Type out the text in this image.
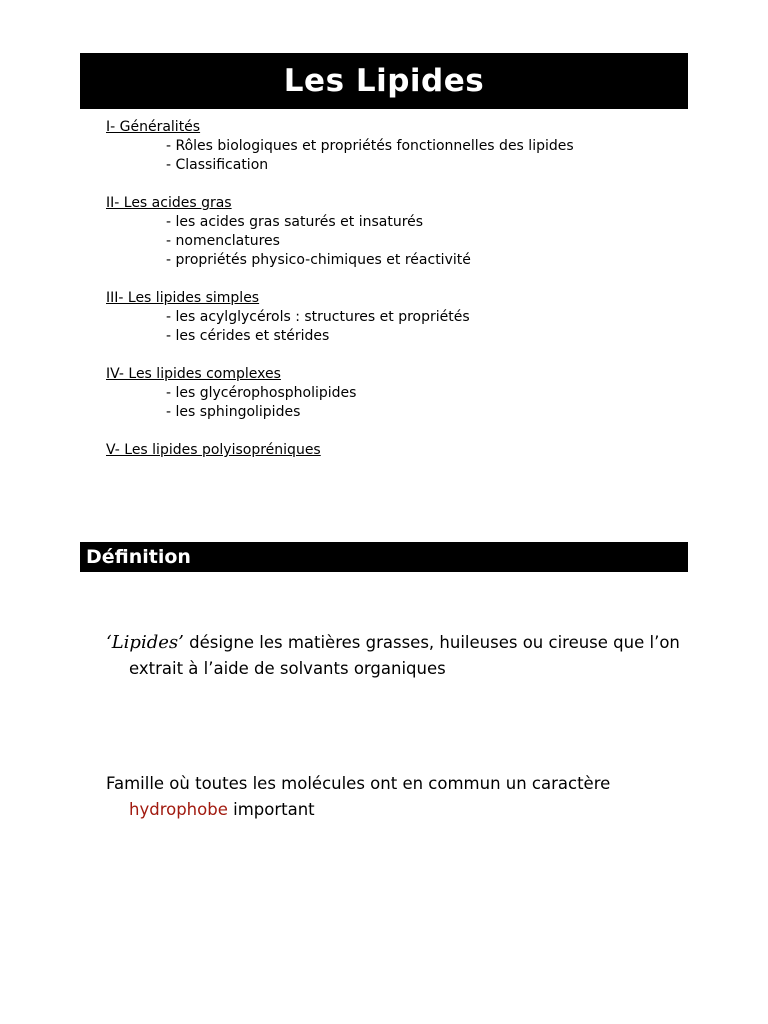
Les Lipides
I- Généralités
- Rôles biologiques et propriétés fonctionnelles des lipides
- Classification
II- Les acides gras
- les acides gras saturés et insaturés
- nomenclatures
- propriétés physico-chimiques et réactivité
III- Les lipides simples
- les acylglycérols : structures et propriétés
- les cérides et stérides
IV- Les lipides complexes
- les glycérophospholipides
- les sphingolipides
V- Les lipides polyisopréniques
Définition
‘Lipides’ désigne les matières grasses, huileuses ou cireuse que l’on extrait à l’aide de solvants organiques
Famille où toutes les molécules ont en commun un caractère hydrophobe important
